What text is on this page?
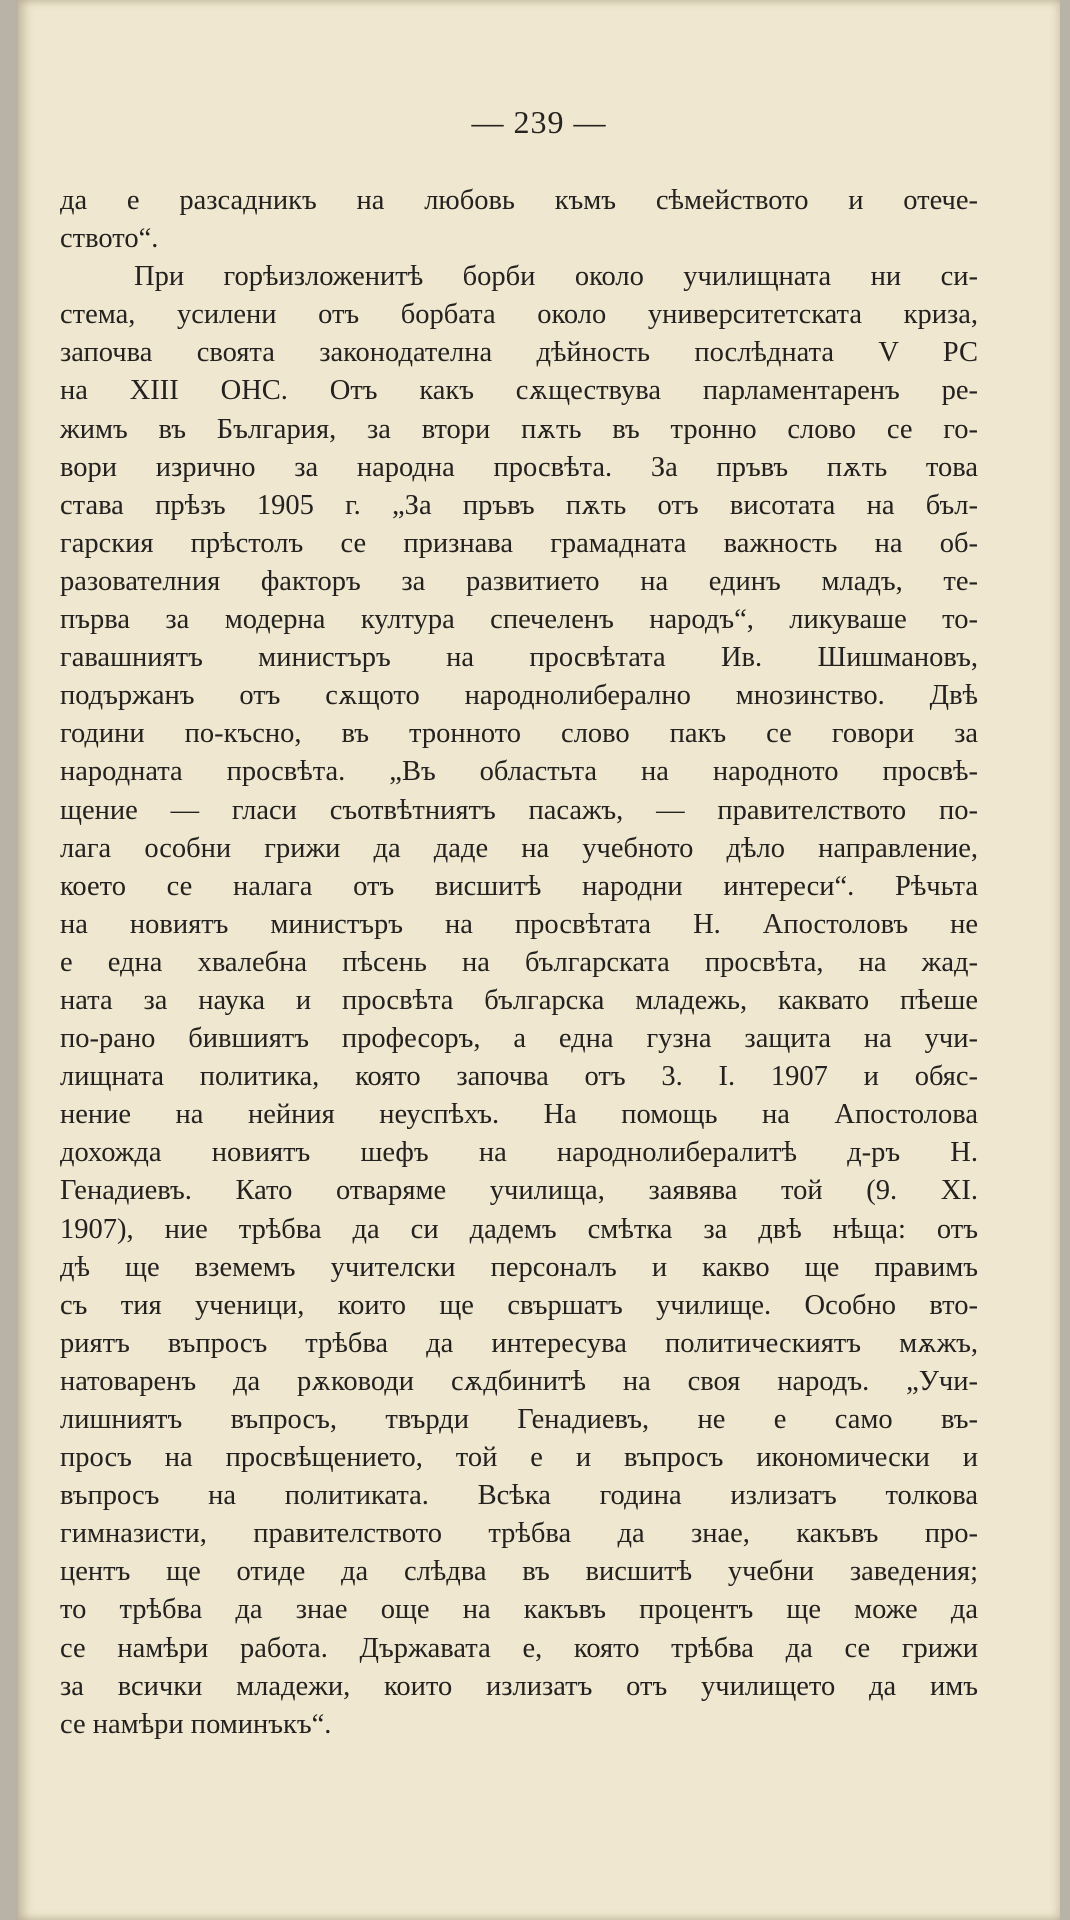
— 239 —
да е разсадникъ на любовь къмъ сѣмейството и отече-
ството“.
При горѣизложенитѣ борби около училищната ни си-
стема, усилени отъ борбата около университетската криза,
започва своята законодателна дѣйность послѣдната V РС
на XIII ОНС. Отъ какъ сѫществува парламентаренъ ре-
жимъ въ България, за втори пѫть въ тронно слово се го-
вори изрично за народна просвѣта. За пръвъ пѫть това
става прѣзъ 1905 г. „За пръвъ пѫть отъ висотата на бъл-
гарския прѣстолъ се признава грамадната важность на об-
разователния факторъ за развитието на единъ младъ, те-
първа за модерна култура спечеленъ народъ“, ликуваше то-
гавашниятъ министъръ на просвѣтата Ив. Шишмановъ,
подържанъ отъ сѫщото народнолиберално мнозинство. Двѣ
години по-късно, въ тронното слово пакъ се говори за
народната просвѣта. „Въ областьта на народното просвѣ-
щение — гласи съотвѣтниятъ пасажъ, — правителството по-
лага особни грижи да даде на учебното дѣло направление,
което се налага отъ висшитѣ народни интереси“. Рѣчьта
на новиятъ министъръ на просвѣтата Н. Апостоловъ не
е една хвалебна пѣсень на българската просвѣта, на жад-
ната за наука и просвѣта българска младежь, каквато пѣеше
по-рано бившиятъ професоръ, а една гузна защита на учи-
лищната политика, която започва отъ 3. I. 1907 и обяс-
нение на нейния неуспѣхъ. На помощь на Апостолова
дохожда новиятъ шефъ на народнолибералитѣ д-ръ Н.
Генадиевъ. Като отваряме училища, заявява той (9. XI.
1907), ние трѣбва да си дадемъ смѣтка за двѣ нѣща: отъ
дѣ ще вземемъ учителски персоналъ и какво ще правимъ
съ тия ученици, които ще свършатъ училище. Особно вто-
риятъ въпросъ трѣбва да интересува политическиятъ мѫжъ,
натоваренъ да рѫководи сѫдбинитѣ на своя народъ. „Учи-
лишниятъ въпросъ, твърди Генадиевъ, не е само въ-
просъ на просвѣщението, той е и въпросъ икономически и
въпросъ на политиката. Всѣка година излизатъ толкова
гимназисти, правителството трѣбва да знае, какъвъ про-
центъ ще отиде да слѣдва въ висшитѣ учебни заведения;
то трѣбва да знае още на какъвъ процентъ ще може да
се намѣри работа. Държавата е, която трѣбва да се грижи
за всички младежи, които излизатъ отъ училището да имъ
се намѣри поминъкъ“.
